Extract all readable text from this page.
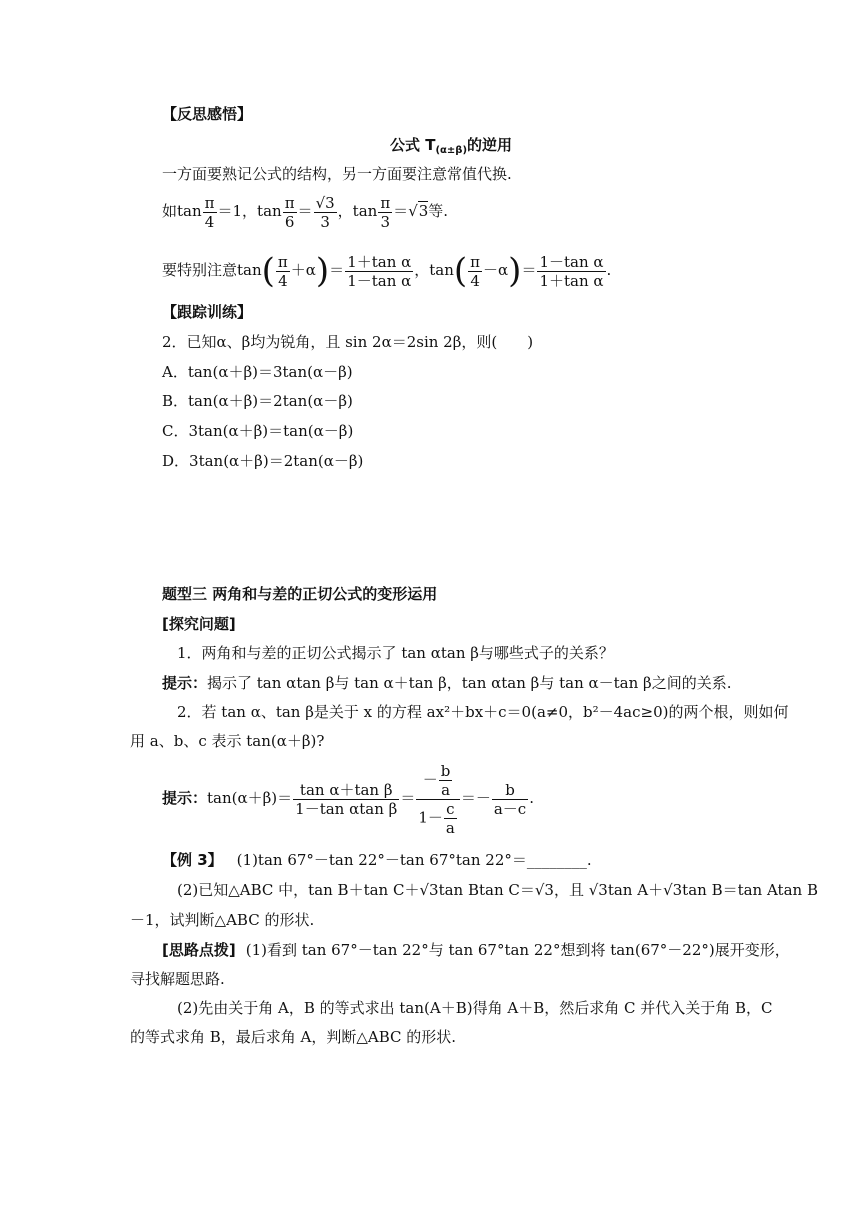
【反思感悟】
公式 $T_{(\alpha\pm\beta)}$的逆用
一方面要熟记公式的结构，另一方面要注意常值代换.
如$\tan \frac{\pi}{4} =1$，$\tan \frac{\pi}{6} = \frac{√3}{3}$ ，$\tan \frac{\pi}{3} =√3$等.
要特别注意$\tan( \frac{\pi}{4} +\alpha)= \frac{\text{1＋tan α}}{\text{1－tan α}}$ ，$\tan( \frac{\pi}{4} -\alpha)= \frac{\text{1－tan α}}{\text{1＋tan α}}$ .
【跟踪训练】
2．已知α、β均为锐角，且 sin 2α＝2sin 2β，则(　　)
A．tan(α＋β)＝3tan(α－β)
B．tan(α＋β)＝2tan(α－β)
C．3tan(α＋β)＝tan(α－β)
D．3tan(α＋β)＝2tan(α－β)
题型三 两角和与差的正切公式的变形运用
[探究问题]
1．两角和与差的正切公式揭示了 tan αtan β与哪些式子的关系？
提示：揭示了 tan αtan β与 tan α＋tan β，tan αtan β与 tan α－tan β之间的关系.
2．若 tan α、tan β是关于 x 的方程 ax²＋bx＋c＝0(a≠0，b²－4ac≥0)的两个根，则如何
用 a、b、c 表示 tan(α＋β)?
提示：$\tan(\alpha+\beta)= \frac{\text{tan α＋tan β}}{\text{1－tan αtan β}} = \frac{- \frac{b}{a}}{1- \frac{c}{a}} =- \frac{b}{a-c}$ .
【例 3】 (1)tan 67°－tan 22°－tan 67°tan 22°＝________.
(2)已知△ABC 中，tan B＋tan C＋√3tan Btan C＝√3，且 √3tan A＋√3tan B＝tan Atan B
－1，试判断△ABC 的形状.
[思路点拨] (1)看到 tan 67°－tan 22°与 tan 67°tan 22°想到将 tan(67°－22°)展开变形，
寻找解题思路.
(2)先由关于角 A，B 的等式求出 tan(A＋B)得角 A＋B，然后求角 C 并代入关于角 B，C
的等式求角 B，最后求角 A，判断△ABC 的形状.
